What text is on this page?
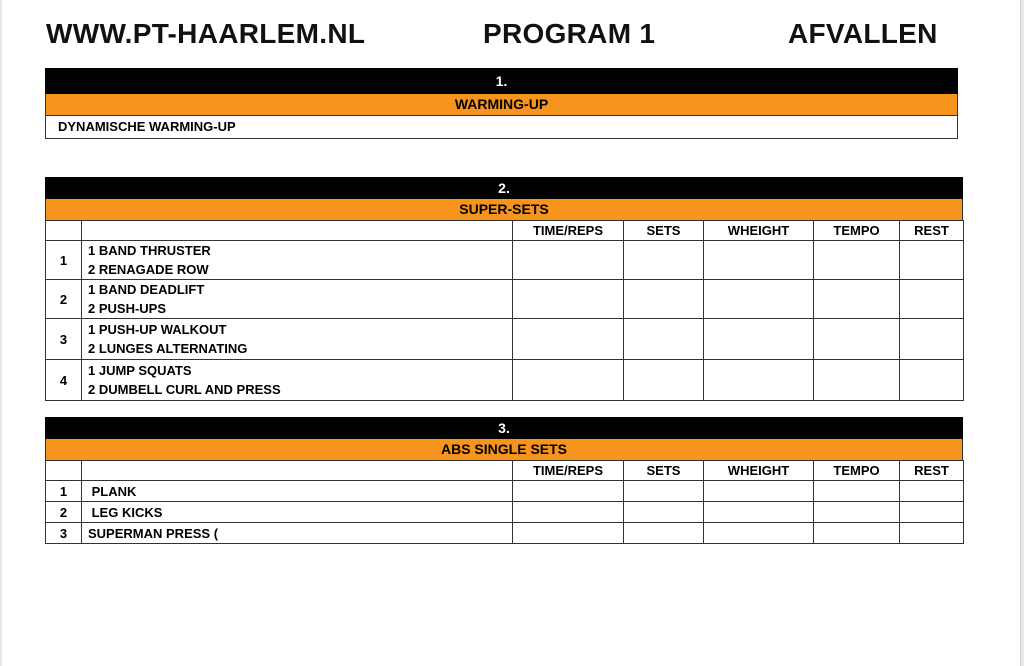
WWW.PT-HAARLEM.NL	PROGRAM 1	AFVALLEN
1.
WARMING-UP
DYNAMISCHE WARMING-UP
2.
SUPER-SETS
		TIME/REPS	SETS	WHEIGHT	TEMPO	REST
1	1 BAND THRUSTER
2 RENAGADE ROW					

2	1 BAND DEADLIFT
2 PUSH-UPS					

3	1 PUSH-UP WALKOUT
2 LUNGES ALTERNATING					

4	1 JUMP SQUATS
2 DUMBELL CURL AND PRESS					

3.
ABS SINGLE SETS
		TIME/REPS	SETS	WHEIGHT	TEMPO	REST
1	PLANK					
2	LEG KICKS					
3	SUPERMAN PRESS (					
